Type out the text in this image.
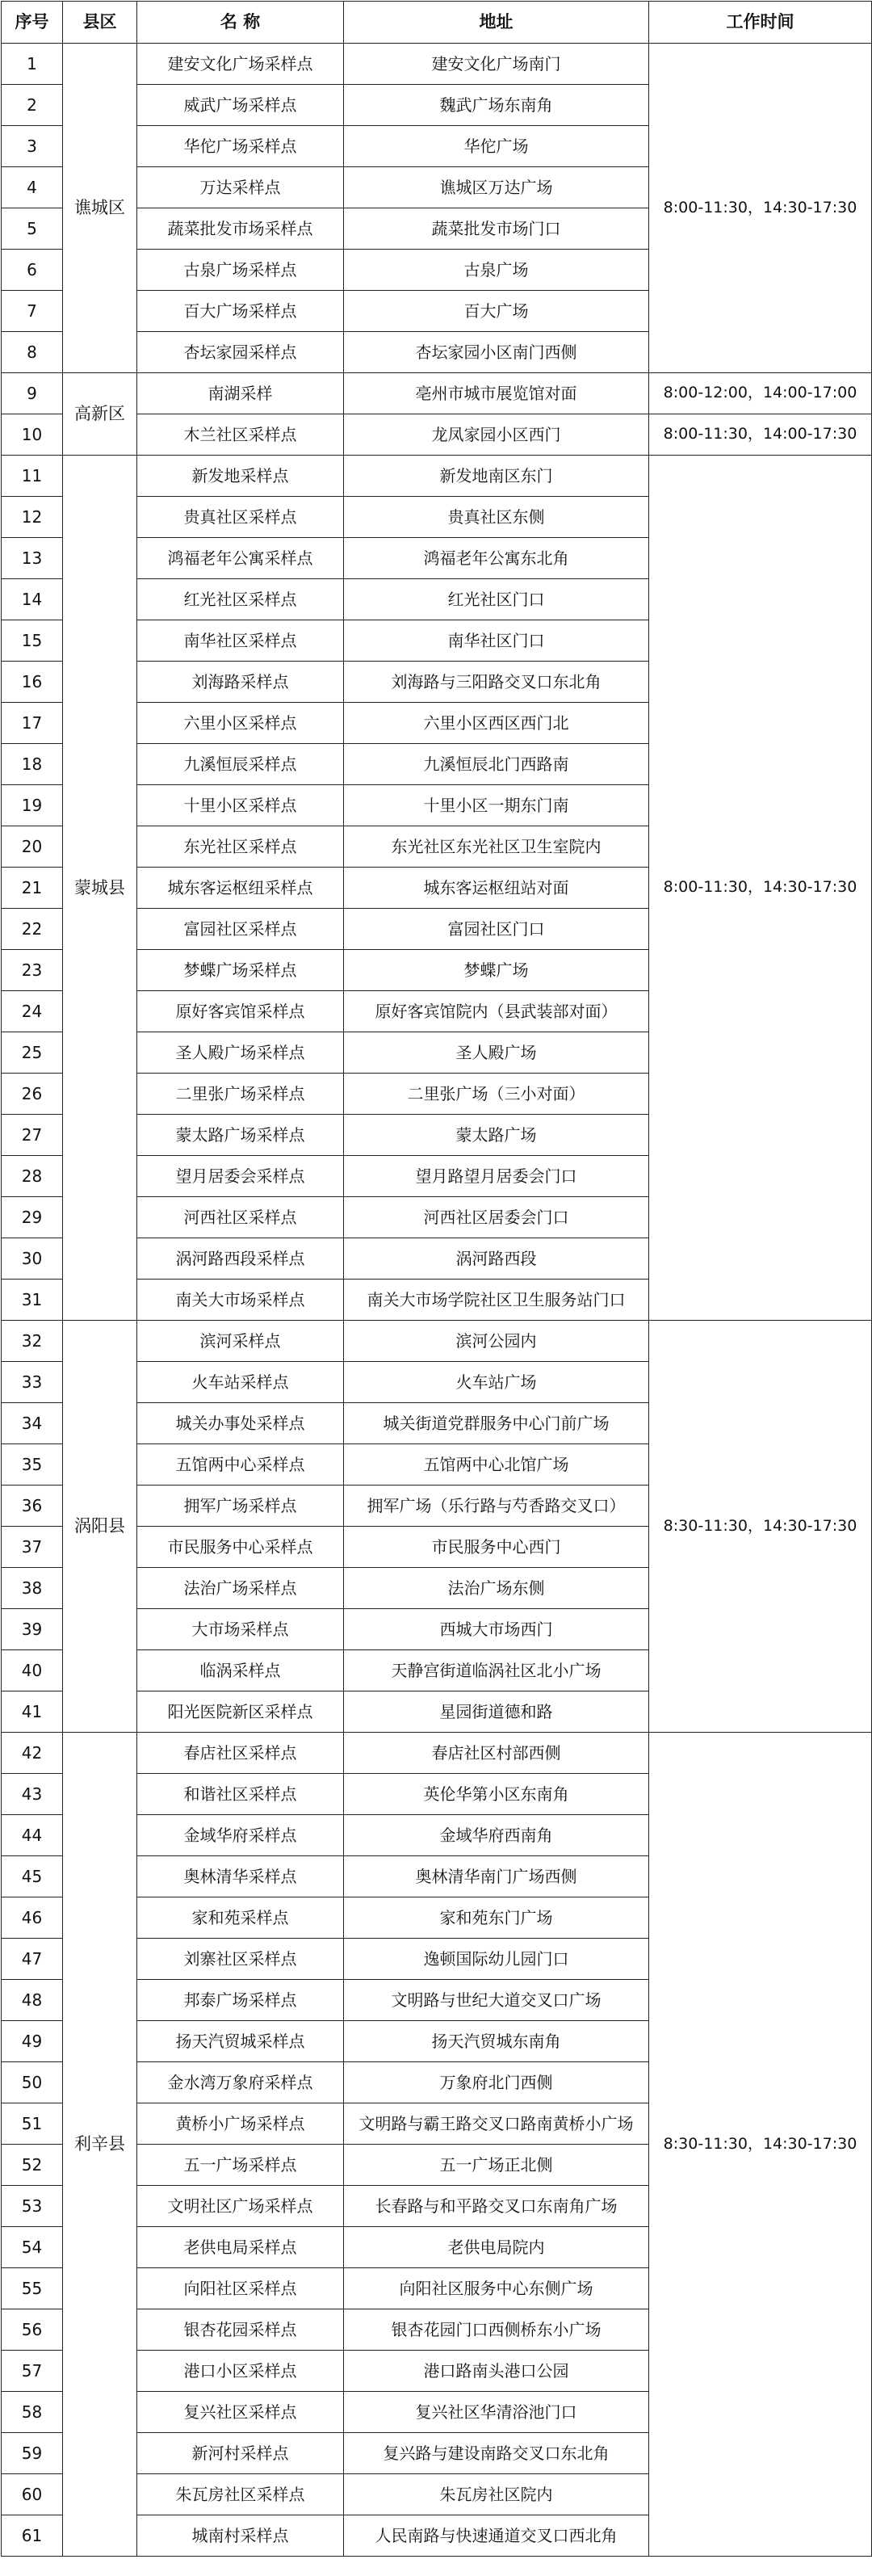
序号	县区	名 称	地址	工作时间
1	谯城区	建安文化广场采样点	建安文化广场南门	8:00-11:30，14:30-17:30
2		威武广场采样点	魏武广场东南角	
3		华佗广场采样点	华佗广场	
4		万达采样点	谯城区万达广场	
5		蔬菜批发市场采样点	蔬菜批发市场门口	
6		古泉广场采样点	古泉广场	
7		百大广场采样点	百大广场	
8		杏坛家园采样点	杏坛家园小区南门西侧	
9	高新区	南湖采样	亳州市城市展览馆对面	8:00-12:00，14:00-17:00
10		木兰社区采样点	龙凤家园小区西门	8:00-11:30，14:00-17:30
11	蒙城县	新发地采样点	新发地南区东门	8:00-11:30，14:30-17:30
12		贵真社区采样点	贵真社区东侧	
13		鸿福老年公寓采样点	鸿福老年公寓东北角	
14		红光社区采样点	红光社区门口	
15		南华社区采样点	南华社区门口	
16		刘海路采样点	刘海路与三阳路交叉口东北角	
17		六里小区采样点	六里小区西区西门北	
18		九溪恒辰采样点	九溪恒辰北门西路南	
19		十里小区采样点	十里小区一期东门南	
20		东光社区采样点	东光社区东光社区卫生室院内	
21		城东客运枢纽采样点	城东客运枢纽站对面	
22		富园社区采样点	富园社区门口	
23		梦蝶广场采样点	梦蝶广场	
24		原好客宾馆采样点	原好客宾馆院内（县武装部对面）	
25		圣人殿广场采样点	圣人殿广场	
26		二里张广场采样点	二里张广场（三小对面）	
27		蒙太路广场采样点	蒙太路广场	
28		望月居委会采样点	望月路望月居委会门口	
29		河西社区采样点	河西社区居委会门口	
30		涡河路西段采样点	涡河路西段	
31		南关大市场采样点	南关大市场学院社区卫生服务站门口	
32	涡阳县	滨河采样点	滨河公园内	8:30-11:30，14:30-17:30
33		火车站采样点	火车站广场	
34		城关办事处采样点	城关街道党群服务中心门前广场	
35		五馆两中心采样点	五馆两中心北馆广场	
36		拥军广场采样点	拥军广场（乐行路与芍香路交叉口）	
37		市民服务中心采样点	市民服务中心西门	
38		法治广场采样点	法治广场东侧	
39		大市场采样点	西城大市场西门	
40		临涡采样点	天静宫街道临涡社区北小广场	
41		阳光医院新区采样点	星园街道德和路	
42	利辛县	春店社区采样点	春店社区村部西侧	8:30-11:30，14:30-17:30
43		和谐社区采样点	英伦华第小区东南角	
44		金域华府采样点	金域华府西南角	
45		奥林清华采样点	奥林清华南门广场西侧	
46		家和苑采样点	家和苑东门广场	
47		刘寨社区采样点	逸顿国际幼儿园门口	
48		邦泰广场采样点	文明路与世纪大道交叉口广场	
49		扬天汽贸城采样点	扬天汽贸城东南角	
50		金水湾万象府采样点	万象府北门西侧	
51		黄桥小广场采样点	文明路与霸王路交叉口路南黄桥小广场	
52		五一广场采样点	五一广场正北侧	
53		文明社区广场采样点	长春路与和平路交叉口东南角广场	
54		老供电局采样点	老供电局院内	
55		向阳社区采样点	向阳社区服务中心东侧广场	
56		银杏花园采样点	银杏花园门口西侧桥东小广场	
57		港口小区采样点	港口路南头港口公园	
58		复兴社区采样点	复兴社区华清浴池门口	
59		新河村采样点	复兴路与建设南路交叉口东北角	
60		朱瓦房社区采样点	朱瓦房社区院内	
61		城南村采样点	人民南路与快速通道交叉口西北角	
